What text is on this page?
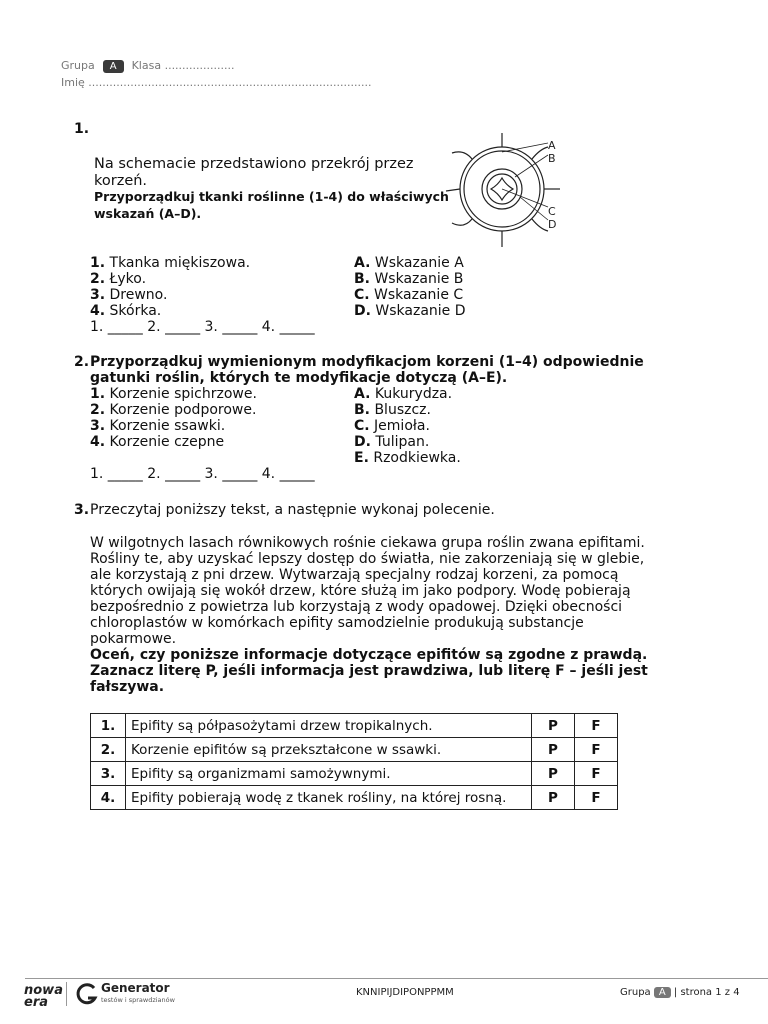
Grupa A Klasa ....................
Imię .................................................................................
1.
Na schemacie przedstawiono przekrój przez
korzeń.
Przyporządkuj tkanki roślinne (1-4) do właściwych
wskazań (A–D).
A
B
C
D
1. Tkanka miękiszowa.
2. Łyko.
3. Drewno.
4. Skórka.
1. _____ 2. _____ 3. _____ 4. _____
A. Wskazanie A
B. Wskazanie B
C. Wskazanie C
D. Wskazanie D
2. Przyporządkuj wymienionym modyfikacjom korzeni (1–4) odpowiednie
gatunki roślin, których te modyfikacje dotyczą (A–E).
1. Korzenie spichrzowe.
2. Korzenie podporowe.
3. Korzenie ssawki.
4. Korzenie czepne
1. _____ 2. _____ 3. _____ 4. _____
A. Kukurydza.
B. Bluszcz.
C. Jemioła.
D. Tulipan.
E. Rzodkiewka.
3. Przeczytaj poniższy tekst, a następnie wykonaj polecenie.
W wilgotnych lasach równikowych rośnie ciekawa grupa roślin zwana epifitami.
Rośliny te, aby uzyskać lepszy dostęp do światła, nie zakorzeniają się w glebie,
ale korzystają z pni drzew. Wytwarzają specjalny rodzaj korzeni, za pomocą
których owijają się wokół drzew, które służą im jako podpory. Wodę pobierają
bezpośrednio z powietrza lub korzystają z wody opadowej. Dzięki obecności
chloroplastów w komórkach epifity samodzielnie produkują substancje
pokarmowe.
Oceń, czy poniższe informacje dotyczące epifitów są zgodne z prawdą.
Zaznacz literę P, jeśli informacja jest prawdziwa, lub literę F – jeśli jest
fałszywa.
1.	Epifity są półpasożytami drzew tropikalnych.	P	F
2.	Korzenie epifitów są przekształcone w ssawki.	P	F
3.	Epifity są organizmami samożywnymi.	P	F
4.	Epifity pobierają wodę z tkanek rośliny, na której rosną.	P	F
nowa era
Generator
testów i sprawdzianów
KNNIPIJDIPONPPMM	Grupa A | strona 1 z 4
